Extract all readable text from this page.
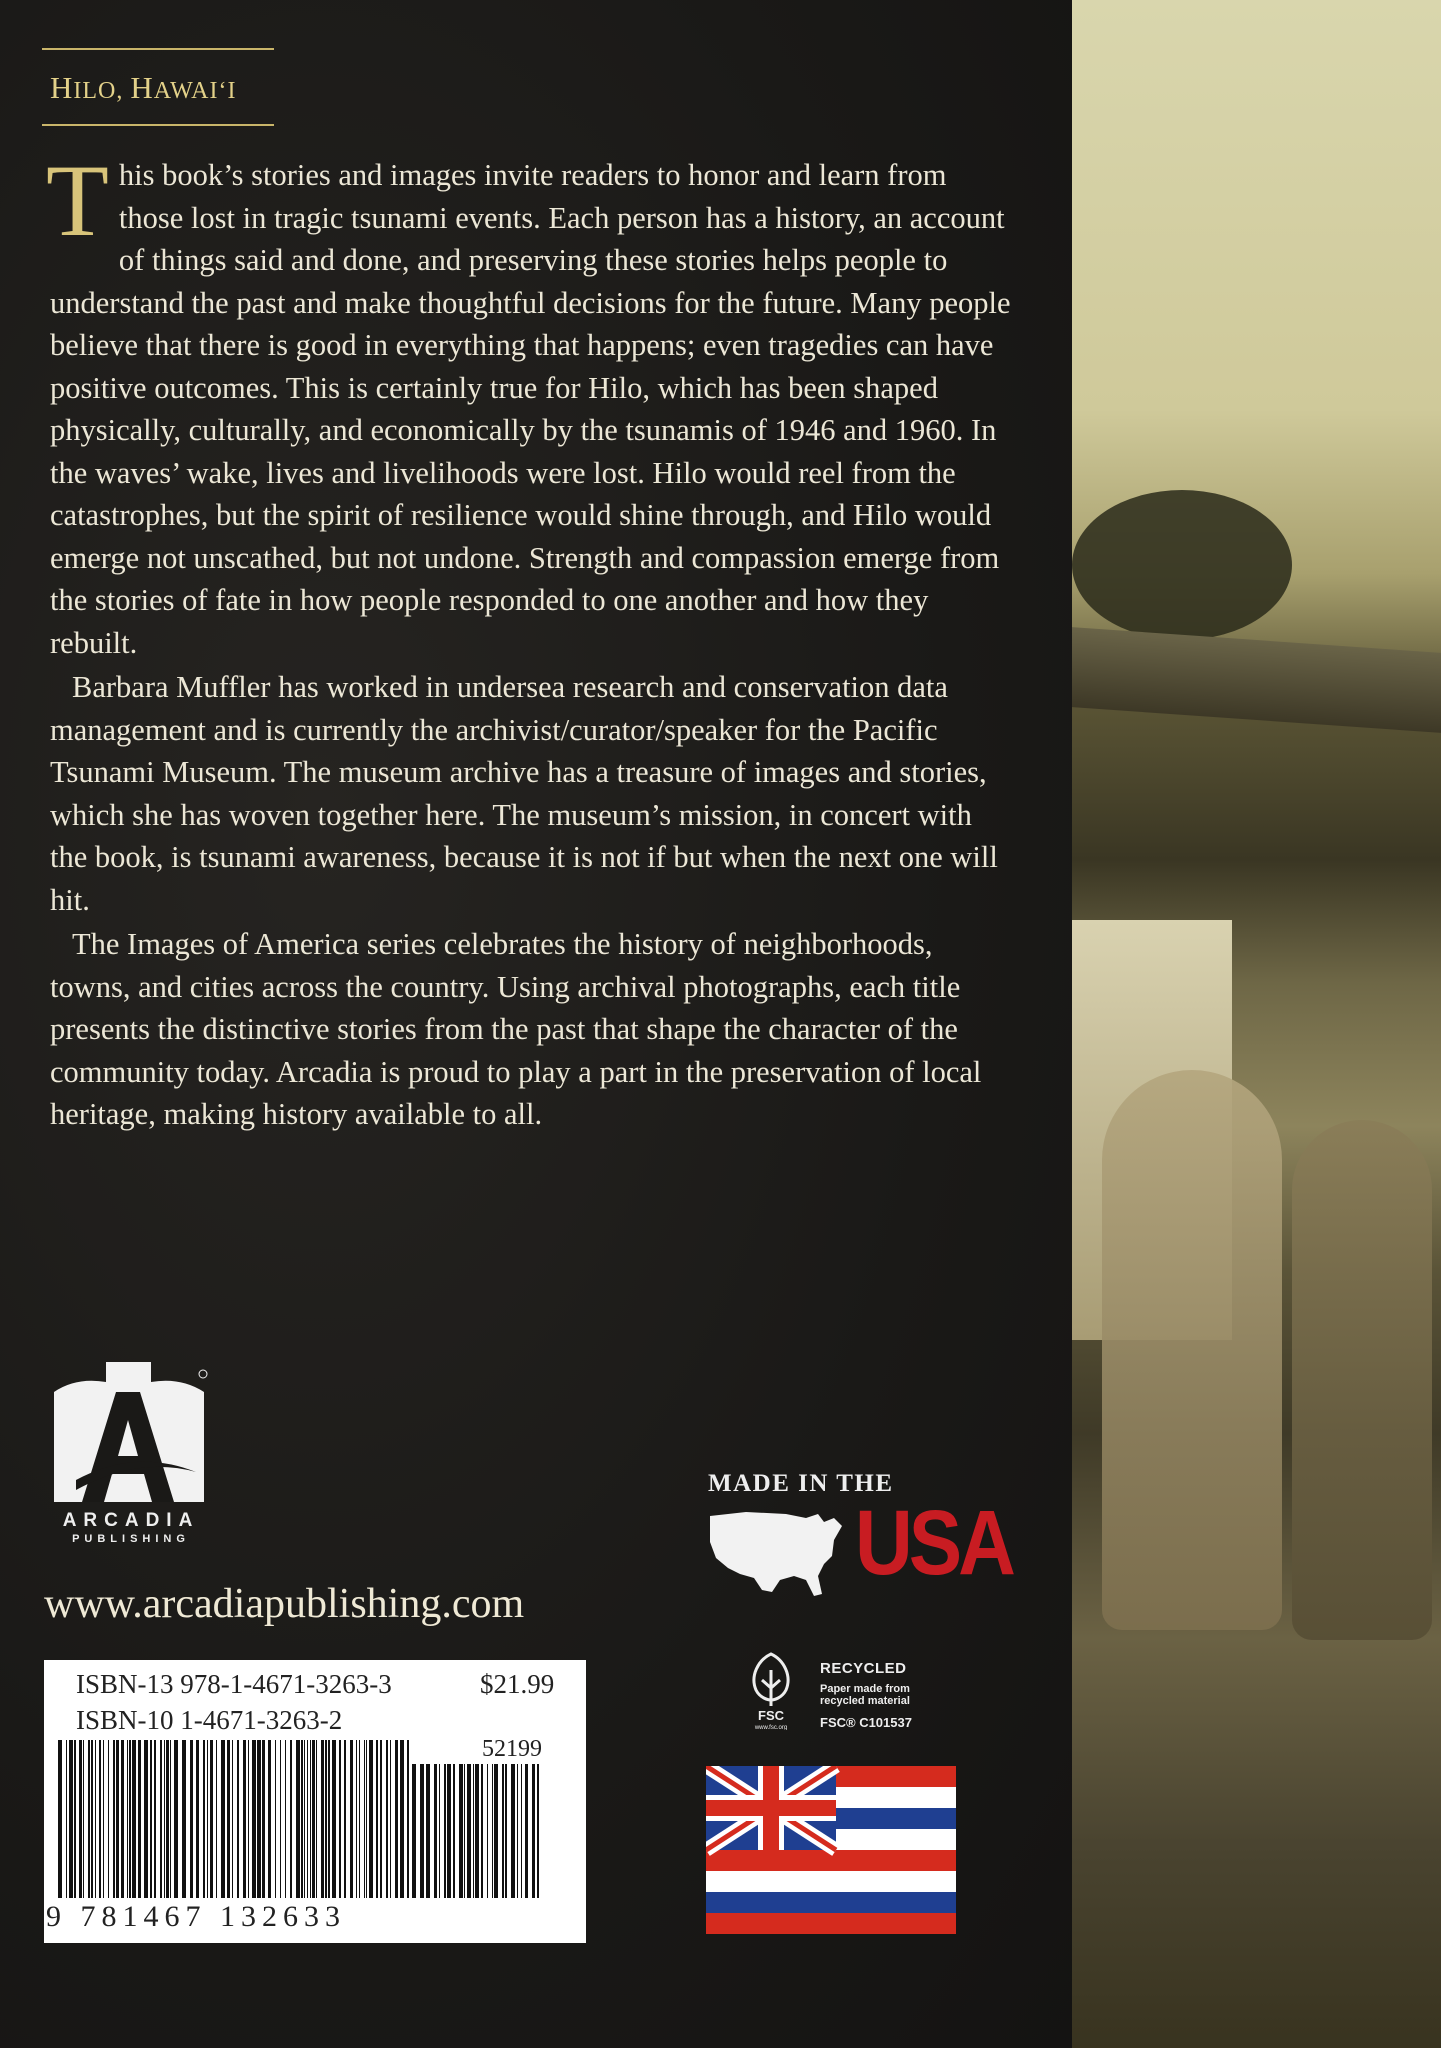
HILO, HAWAI‘I

This book’s stories and images invite readers to honor and learn from those lost in tragic tsunami events. Each person has a history, an account of things said and done, and preserving these stories helps people to understand the past and make thoughtful decisions for the future. Many people believe that there is good in everything that happens; even tragedies can have positive outcomes. This is certainly true for Hilo, which has been shaped physically, culturally, and economically by the tsunamis of 1946 and 1960. In the waves’ wake, lives and livelihoods were lost. Hilo would reel from the catastrophes, but the spirit of resilience would shine through, and Hilo would emerge not unscathed, but not undone. Strength and compassion emerge from the stories of fate in how people responded to one another and how they rebuilt.

Barbara Muffler has worked in undersea research and conservation data management and is currently the archivist/curator/speaker for the Pacific Tsunami Museum. The museum archive has a treasure of images and stories, which she has woven together here. The museum’s mission, in concert with the book, is tsunami awareness, because it is not if but when the next one will hit.

The Images of America series celebrates the history of neighborhoods, towns, and cities across the country. Using archival photographs, each title presents the distinctive stories from the past that shape the character of the community today. Arcadia is proud to play a part in the preservation of local heritage, making history available to all.

ARCADIA
PUBLISHING
www.arcadiapublishing.com
ISBN-13 978-1-4671-3263-3	$21.99
ISBN-10 1-4671-3263-2
52199
9 781467 132633
MADE IN THE
USA
FSC
www.fsc.org
RECYCLED
Paper made from
recycled material
FSC® C101537
